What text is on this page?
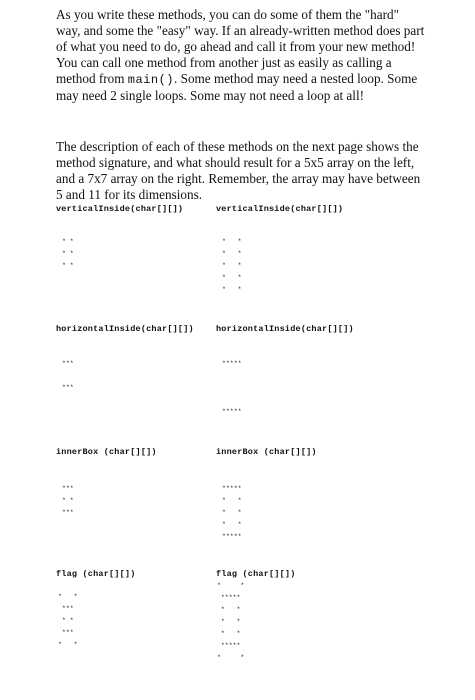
As you write these methods, you can do some of them the "hard" way, and some the "easy" way. If an already-written method does part of what you need to do, go ahead and call it from your new method! You can call one method from another just as easily as calling a method from main(). Some method may need a nested loop. Some may need 2 single loops. Some may not need a loop at all!

The description of each of these methods on the next page shows the method signature, and what should result for a 5x5 array on the left, and a 7x7 array on the right. Remember, the array may have between 5 and 11 for its dimensions.

verticalInside(char[][])	verticalInside(char[][])
* *
* *
* *
*   *
*   *
*   *
*   *
*   *
horizontalInside(char[][])	horizontalInside(char[][])
***

***
*****

*****
innerBox (char[][])	innerBox (char[][])
***
* *
***
*****
*   *
*   *
*   *
*****
flag (char[][])	flag (char[][])
*   *
***
* *
***
*   *
*     *
*****
*   *
*   *
*   *
*****
*     *
